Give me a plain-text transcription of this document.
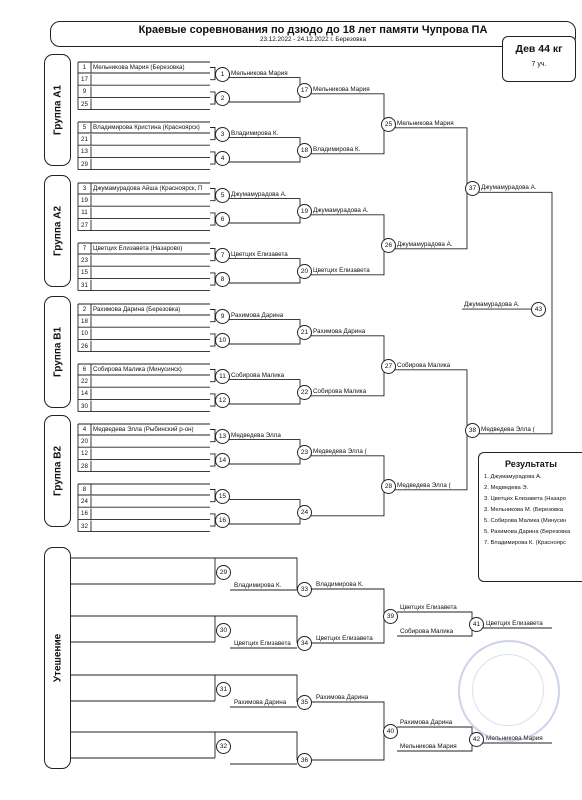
Краевые соревнования по дзюдо до 18 лет памяти Чупрова ПА
23.12.2022 - 24.12.2022 г. Березовка
Дев 44 кг
7 уч.
Группа А1
Группа А2
Группа В1
Группа В2
Утешение
1	Мельникова Мария (Березовка)
17
9
25
5	Владимирова Кристина (Красноярск)
21
13
29
3	Джумамурадова Айша (Красноярск, П
19
11
27
7	Цветцих Елизавета (Назарово)
23
15
31
2	Рахимова Дарина (Березовка)
18
10
26
6	Собирова Малика (Минусинск)
22
14
30
4	Медведева Элла (Рыбинский р-он)
20
12
28
8
24
16
32
1	Мельникова Мария
2
3	Владимирова К.
4
5	Джумамурадова А.
6
7	Цветцих Елизавета
8
9	Рахимова Дарина
10
11 Собирова Малика
12
13 Медведева Элла
14
15
16
17 Мельникова Мария
18 Владимирова К.
19 Джумамурадова А.
20 Цветцих Елизавета
21 Рахимова Дарина
22 Собирова Малика
23 Медведева Элла (
24
25 Мельникова Мария
26 Джумамурадова А.
27 Собирова Малика
28 Медведева Элла (
37 Джумамурадова А.
38 Медведева Элла (
43
Джумамурадова А.
29
Владимирова К.
30
Цветцих Елизавета
31
Рахимова Дарина
32
33
Владимирова К.
34
Цветцих Елизавета
35
Рахимова Дарина
36
39
Цветцих Елизавета
Собирова Малика
40
Рахимова Дарина
Мельникова Мария
41 Цветцих Елизавета
42 Мельникова Мария
Результаты
1. Джумамурадова А.
2. Медведева Э.
3. Цветцих Елизавета (Назаро
3. Мельникова М. (Березовка
5. Собирова Малика (Минусин
5. Рахимова Дарина (Березовка
7. Владимирова К. (Красноярс
